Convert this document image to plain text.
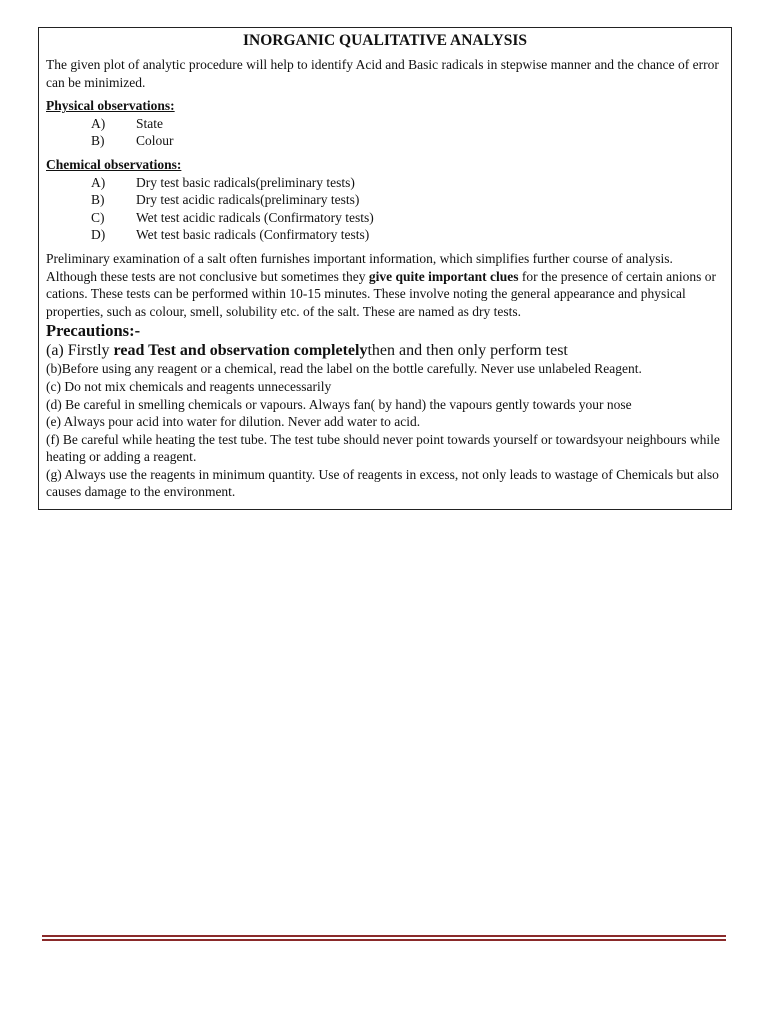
INORGANIC QUALITATIVE ANALYSIS

The given plot of analytic procedure will help to identify Acid and Basic radicals in stepwise manner and the chance of error can be minimized.

Physical observations:
A)	State
B)	Colour
Chemical observations:
A)	Dry test basic radicals(preliminary tests)
B)	Dry test acidic radicals(preliminary tests)
C)	Wet test acidic radicals (Confirmatory tests)
D)	Wet test basic radicals (Confirmatory tests)

Preliminary examination of a salt often furnishes important information, which simplifies further course of analysis. Although these tests are not conclusive but sometimes they give quite important clues for the presence of certain anions or cations. These tests can be performed within 10-15 minutes. These involve noting the general appearance and physical properties, such as colour, smell, solubility etc. of the salt. These are named as dry tests.

Precautions:-

(a) Firstly read Test and observation completelythen and then only perform test

(b)Before using any reagent or a chemical, read the label on the bottle carefully. Never use unlabeled Reagent.

(c) Do not mix chemicals and reagents unnecessarily

(d) Be careful in smelling chemicals or vapours. Always fan( by hand) the vapours gently towards your nose

(e) Always pour acid into water for dilution. Never add water to acid.

(f) Be careful while heating the test tube. The test tube should never point towards yourself or towardsyour neighbours while heating or adding a reagent.

(g) Always use the reagents in minimum quantity. Use of reagents in excess, not only leads to wastage of Chemicals but also causes damage to the environment.
